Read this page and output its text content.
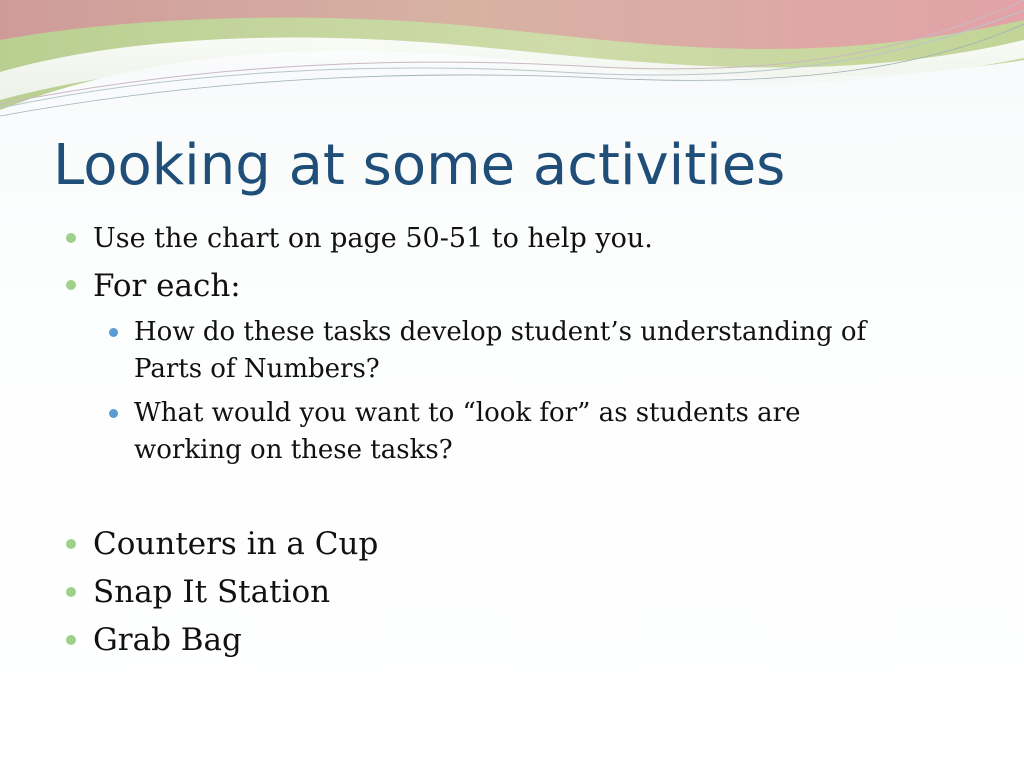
Looking at some activities

Use the chart on page 50-51 to help you.

For each:

How do these tasks develop student’s understanding of

Parts of Numbers?

What would you want to “look for” as students are

working on these tasks?

Counters in a Cup

Snap It Station

Grab Bag
